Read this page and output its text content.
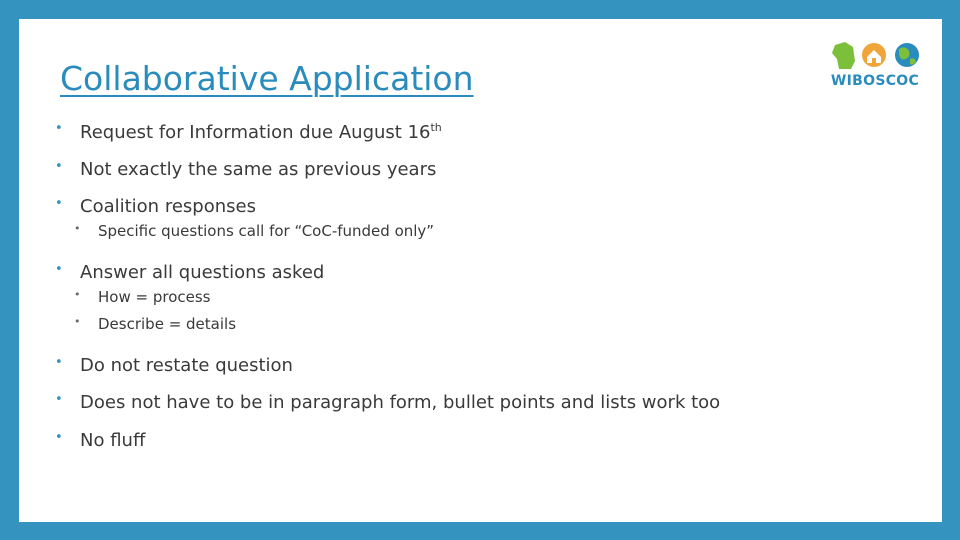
Collaborative Application	WIBOSCOC
• Request for Information due August 16th
• Not exactly the same as previous years
• Coalition responses
• Specific questions call for “CoC-funded only”
• Answer all questions asked
• How = process
• Describe = details
• Do not restate question
• Does not have to be in paragraph form, bullet points and lists work too
• No fluff
